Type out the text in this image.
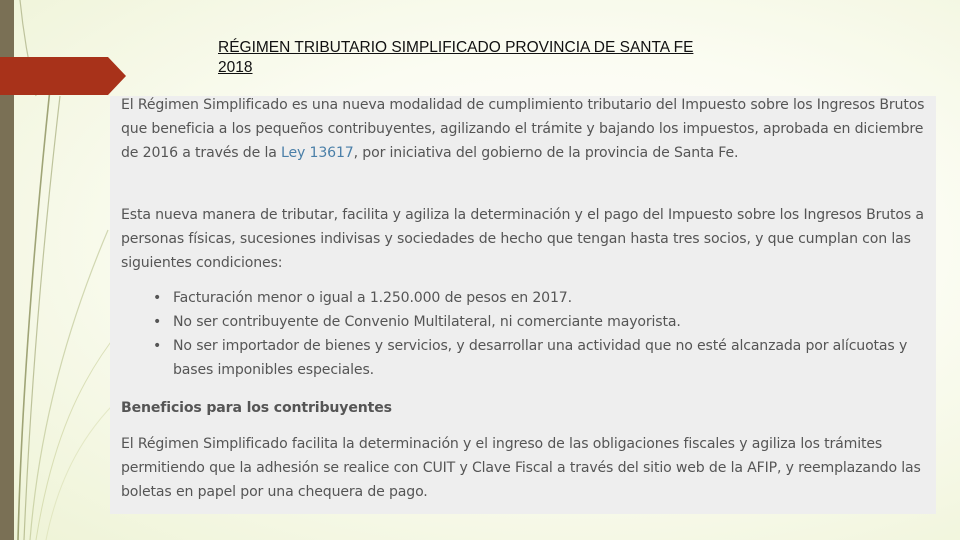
RÉGIMEN TRIBUTARIO SIMPLIFICADO PROVINCIA DE SANTA FE
2018

El Régimen Simplificado es una nueva modalidad de cumplimiento tributario del Impuesto sobre los Ingresos Brutos que beneficia a los pequeños contribuyentes, agilizando el trámite y bajando los impuestos, aprobada en diciembre de 2016 a través de la Ley 13617, por iniciativa del gobierno de la provincia de Santa Fe.

Esta nueva manera de tributar, facilita y agiliza la determinación y el pago del Impuesto sobre los Ingresos Brutos a personas físicas, sucesiones indivisas y sociedades de hecho que tengan hasta tres socios, y que cumplan con las siguientes condiciones:

• Facturación menor o igual a 1.250.000 de pesos en 2017.
• No ser contribuyente de Convenio Multilateral, ni comerciante mayorista.
• No ser importador de bienes y servicios, y desarrollar una actividad que no esté alcanzada por alícuotas y bases imponibles especiales.
Beneficios para los contribuyentes

El Régimen Simplificado facilita la determinación y el ingreso de las obligaciones fiscales y agiliza los trámites permitiendo que la adhesión se realice con CUIT y Clave Fiscal a través del sitio web de la AFIP, y reemplazando las boletas en papel por una chequera de pago.
